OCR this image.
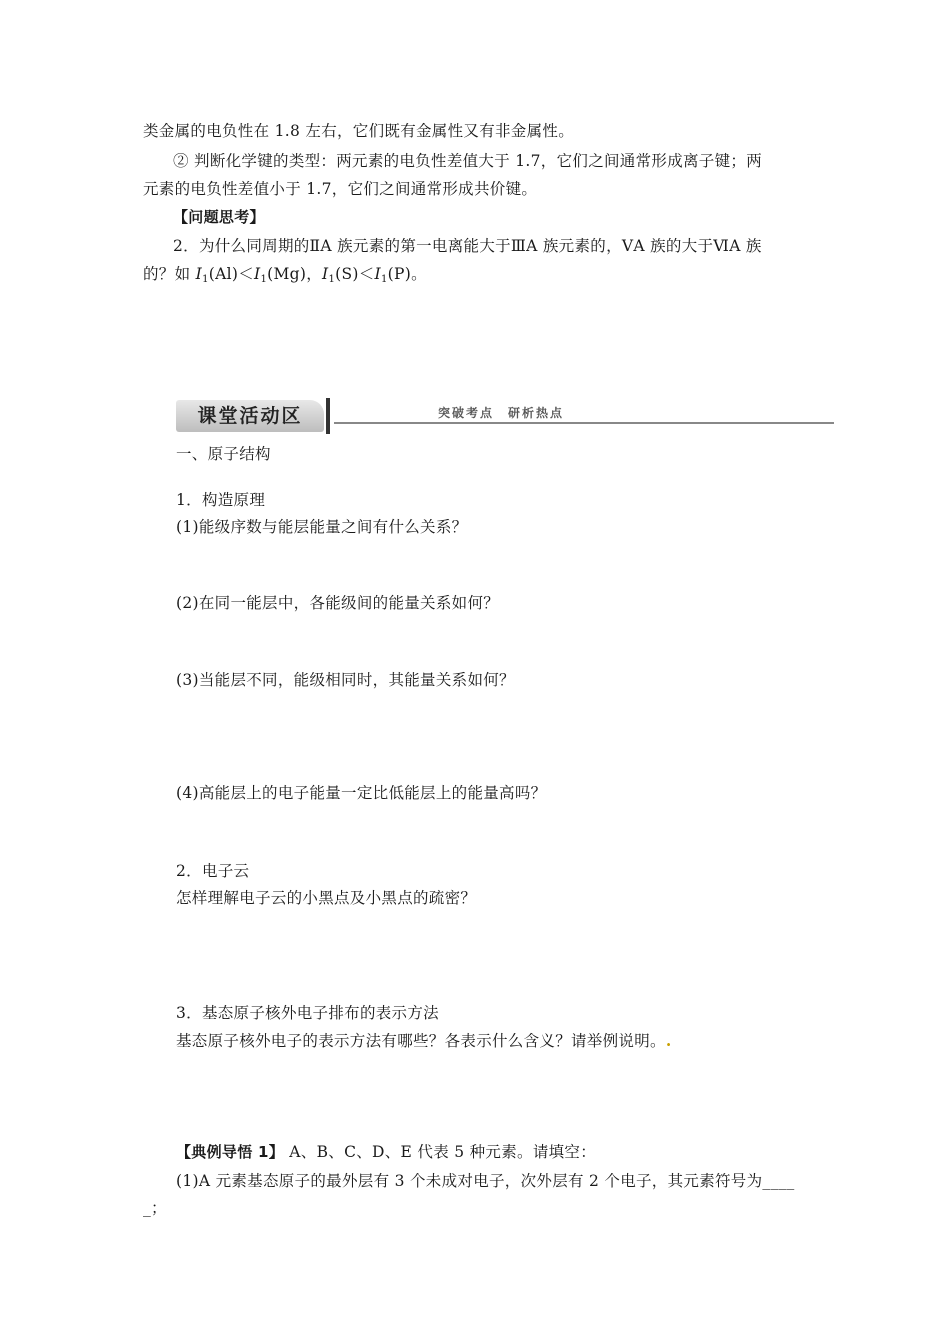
类金属的电负性在 1.8 左右，它们既有金属性又有非金属性。
② 判断化学键的类型：两元素的电负性差值大于 1.7，它们之间通常形成离子键；两
元素的电负性差值小于 1.7，它们之间通常形成共价键。
【问题思考】
2．为什么同周期的ⅡA 族元素的第一电离能大于ⅢA 族元素的，ⅤA 族的大于ⅥA 族
的？如 $I_1(Al)<I_1(Mg)$，$I_1(S)<I_1(P)$。
课堂活动区	突破考点　研析热点
一、原子结构
1．构造原理
(1)能级序数与能层能量之间有什么关系？
(2)在同一能层中，各能级间的能量关系如何？
(3)当能层不同，能级相同时，其能量关系如何？
(4)高能层上的电子能量一定比低能层上的能量高吗？
2．电子云
怎样理解电子云的小黑点及小黑点的疏密？
3．基态原子核外电子排布的表示方法
基态原子核外电子的表示方法有哪些？各表示什么含义？请举例说明。.
【典例导悟 1】 A、B、C、D、E 代表 5 种元素。请填空：
(1)A 元素基态原子的最外层有 3 个未成对电子，次外层有 2 个电子，其元素符号为____
_；
